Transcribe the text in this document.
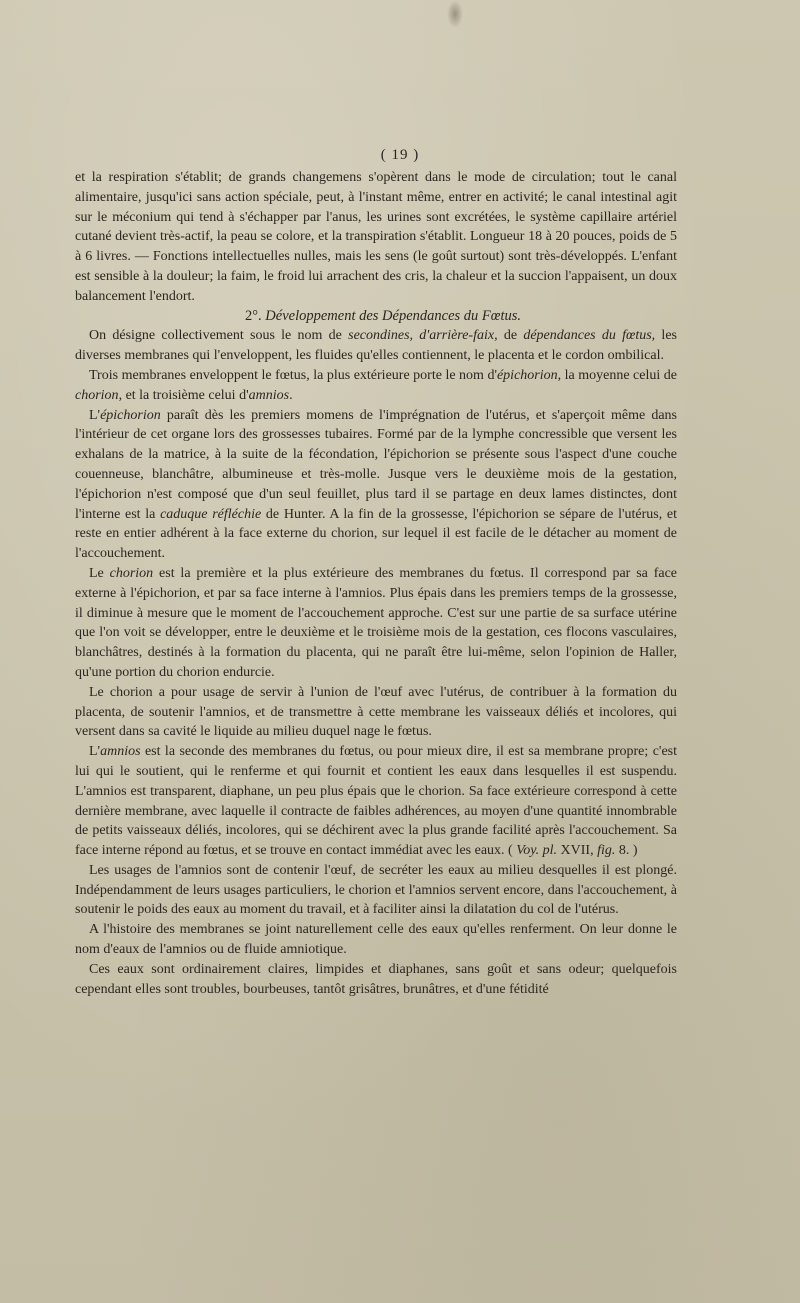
( 19 )

et la respiration s'établit; de grands changemens s'opèrent dans le mode de circulation; tout le canal alimentaire, jusqu'ici sans action spéciale, peut, à l'instant même, entrer en activité; le canal intestinal agit sur le méconium qui tend à s'échapper par l'anus, les urines sont excrétées, le système capillaire artériel cutané devient très-actif, la peau se colore, et la transpiration s'établit. Longueur 18 à 20 pouces, poids de 5 à 6 livres. — Fonctions intellectuelles nulles, mais les sens (le goût surtout) sont très-développés. L'enfant est sensible à la douleur; la faim, le froid lui arrachent des cris, la chaleur et la succion l'appaisent, un doux balancement l'endort.

2°. Développement des Dépendances du Fœtus.

On désigne collectivement sous le nom de secondines, d'arrière-faix, de dépendances du fœtus, les diverses membranes qui l'enveloppent, les fluides qu'elles contiennent, le placenta et le cordon ombilical.

Trois membranes enveloppent le fœtus, la plus extérieure porte le nom d'épichorion, la moyenne celui de chorion, et la troisième celui d'amnios.

L'épichorion paraît dès les premiers momens de l'imprégnation de l'utérus, et s'aperçoit même dans l'intérieur de cet organe lors des grossesses tubaires. Formé par de la lymphe concressible que versent les exhalans de la matrice, à la suite de la fécondation, l'épichorion se présente sous l'aspect d'une couche couenneuse, blanchâtre, albumineuse et très-molle. Jusque vers le deuxième mois de la gestation, l'épichorion n'est composé que d'un seul feuillet, plus tard il se partage en deux lames distinctes, dont l'interne est la caduque réfléchie de Hunter. A la fin de la grossesse, l'épichorion se sépare de l'utérus, et reste en entier adhérent à la face externe du chorion, sur lequel il est facile de le détacher au moment de l'accouchement.

Le chorion est la première et la plus extérieure des membranes du fœtus. Il correspond par sa face externe à l'épichorion, et par sa face interne à l'amnios. Plus épais dans les premiers temps de la grossesse, il diminue à mesure que le moment de l'accouchement approche. C'est sur une partie de sa surface utérine que l'on voit se développer, entre le deuxième et le troisième mois de la gestation, ces flocons vasculaires, blanchâtres, destinés à la formation du placenta, qui ne paraît être lui-même, selon l'opinion de Haller, qu'une portion du chorion endurcie.

Le chorion a pour usage de servir à l'union de l'œuf avec l'utérus, de contribuer à la formation du placenta, de soutenir l'amnios, et de transmettre à cette membrane les vaisseaux déliés et incolores, qui versent dans sa cavité le liquide au milieu duquel nage le fœtus.

L'amnios est la seconde des membranes du fœtus, ou pour mieux dire, il est sa membrane propre; c'est lui qui le soutient, qui le renferme et qui fournit et contient les eaux dans lesquelles il est suspendu. L'amnios est transparent, diaphane, un peu plus épais que le chorion. Sa face extérieure correspond à cette dernière membrane, avec laquelle il contracte de faibles adhérences, au moyen d'une quantité innombrable de petits vaisseaux déliés, incolores, qui se déchirent avec la plus grande facilité après l'accouchement. Sa face interne répond au fœtus, et se trouve en contact immédiat avec les eaux. ( Voy. pl. XVII, fig. 8. )

Les usages de l'amnios sont de contenir l'œuf, de secréter les eaux au milieu desquelles il est plongé. Indépendamment de leurs usages particuliers, le chorion et l'amnios servent encore, dans l'accouchement, à soutenir le poids des eaux au moment du travail, et à faciliter ainsi la dilatation du col de l'utérus.

A l'histoire des membranes se joint naturellement celle des eaux qu'elles renferment. On leur donne le nom d'eaux de l'amnios ou de fluide amniotique.

Ces eaux sont ordinairement claires, limpides et diaphanes, sans goût et sans odeur; quelquefois cependant elles sont troubles, bourbeuses, tantôt grisâtres, brunâtres, et d'une fétidité
